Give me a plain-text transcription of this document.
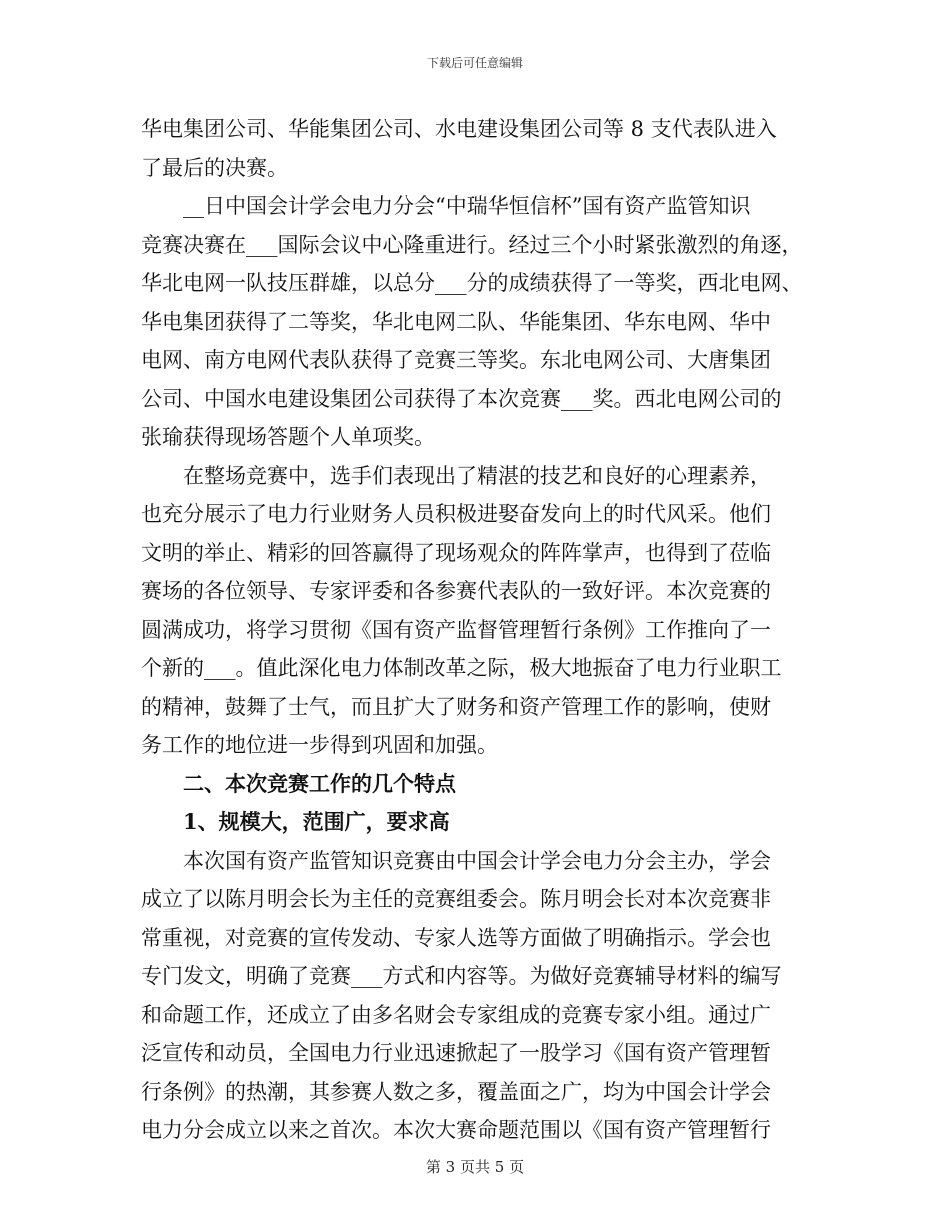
下载后可任意编辑
华电集团公司、华能集团公司、水电建设集团公司等 8 支代表队进入
了最后的决赛。
__日中国会计学会电力分会“中瑞华恒信杯”国有资产监管知识
竞赛决赛在___国际会议中心隆重进行。经过三个小时紧张激烈的角逐，
华北电网一队技压群雄，以总分___分的成绩获得了一等奖，西北电网、
华电集团获得了二等奖，华北电网二队、华能集团、华东电网、华中
电网、南方电网代表队获得了竞赛三等奖。东北电网公司、大唐集团
公司、中国水电建设集团公司获得了本次竞赛___奖。西北电网公司的
张瑜获得现场答题个人单项奖。
在整场竞赛中，选手们表现出了精湛的技艺和良好的心理素养，
也充分展示了电力行业财务人员积极进娶奋发向上的时代风采。他们
文明的举止、精彩的回答赢得了现场观众的阵阵掌声，也得到了莅临
赛场的各位领导、专家评委和各参赛代表队的一致好评。本次竞赛的
圆满成功，将学习贯彻《国有资产监督管理暂行条例》工作推向了一
个新的___。值此深化电力体制改革之际，极大地振奋了电力行业职工
的精神，鼓舞了士气，而且扩大了财务和资产管理工作的影响，使财
务工作的地位进一步得到巩固和加强。
二、本次竞赛工作的几个特点
1、规模大，范围广，要求高
本次国有资产监管知识竞赛由中国会计学会电力分会主办，学会
成立了以陈月明会长为主任的竞赛组委会。陈月明会长对本次竞赛非
常重视，对竞赛的宣传发动、专家人选等方面做了明确指示。学会也
专门发文，明确了竞赛___方式和内容等。为做好竞赛辅导材料的编写
和命题工作，还成立了由多名财会专家组成的竞赛专家小组。通过广
泛宣传和动员，全国电力行业迅速掀起了一股学习《国有资产管理暂
行条例》的热潮，其参赛人数之多，覆盖面之广，均为中国会计学会
电力分会成立以来之首次。本次大赛命题范围以《国有资产管理暂行
第 3 页共 5 页
